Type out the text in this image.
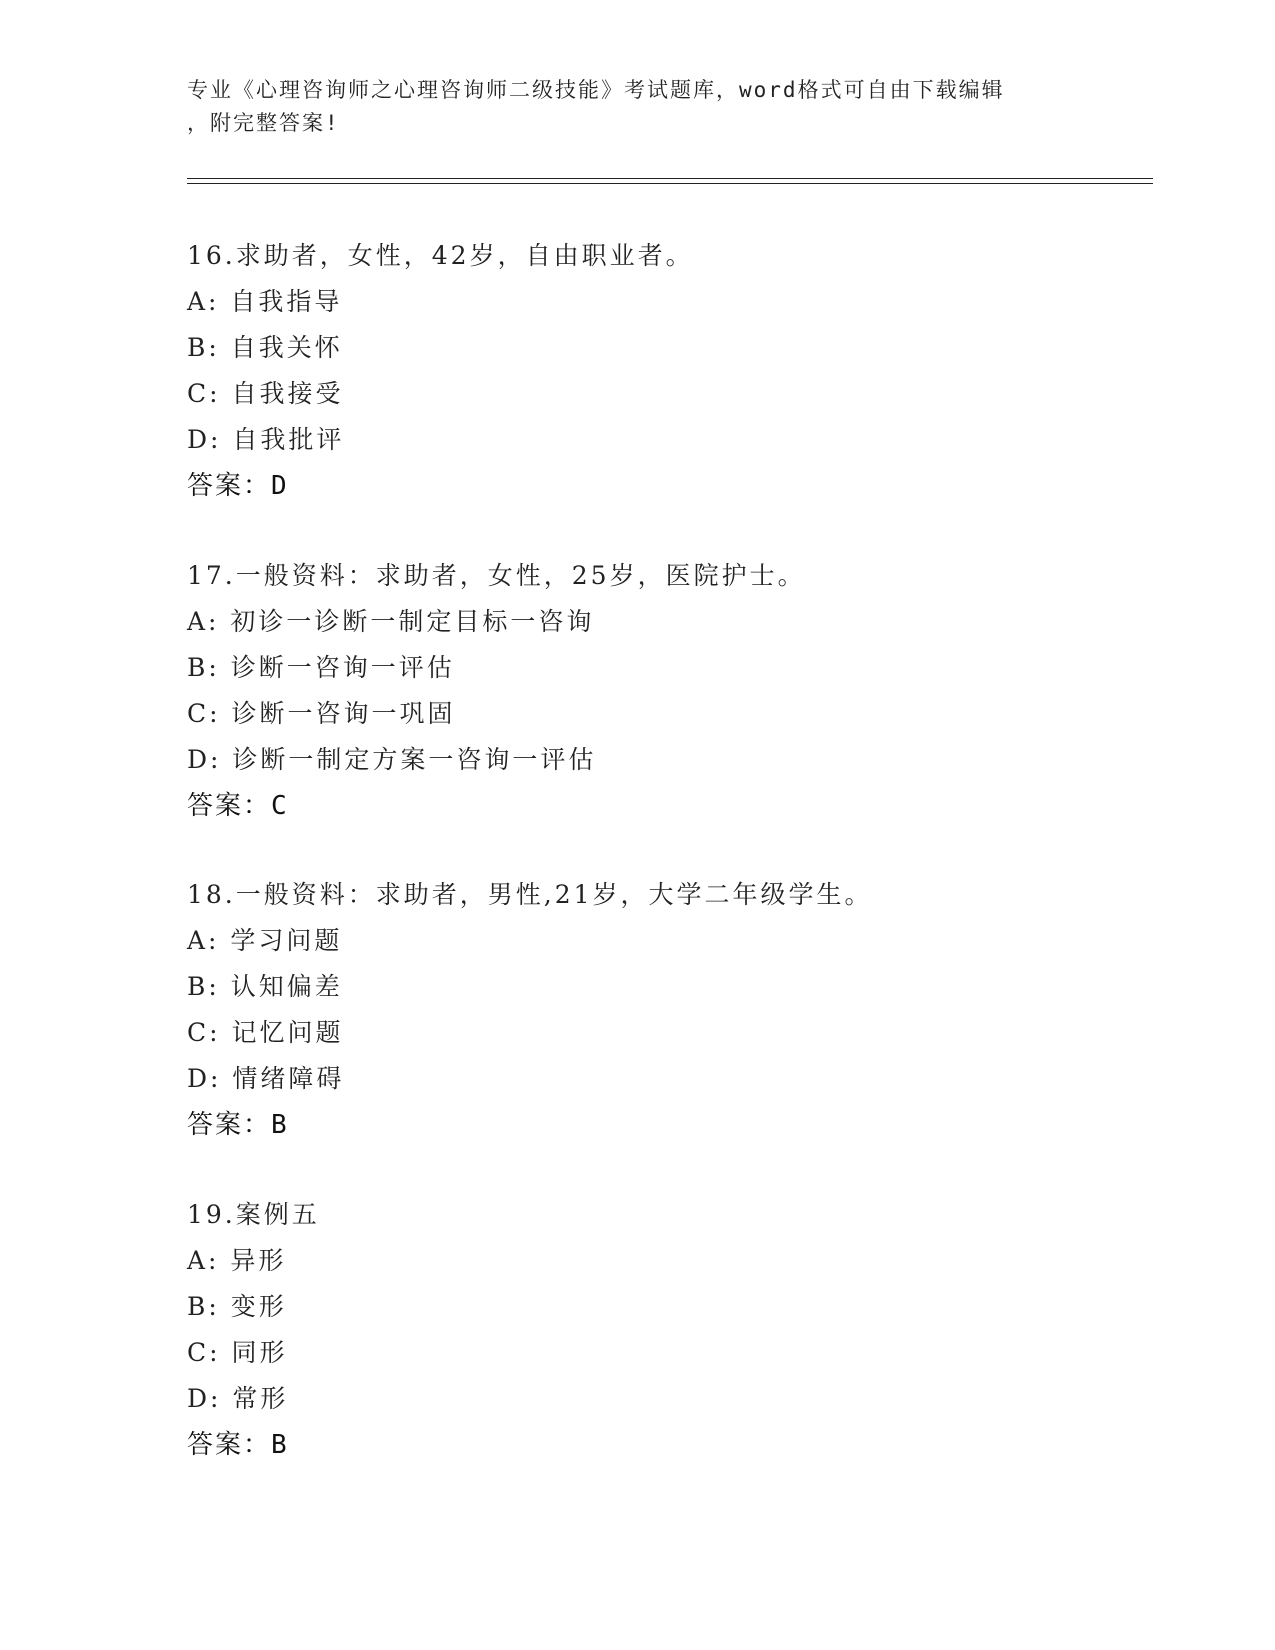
专业《心理咨询师之心理咨询师二级技能》考试题库，word格式可自由下载编辑
，附完整答案!
16.求助者，女性，42岁，自由职业者。
A: 自我指导
B: 自我关怀
C: 自我接受
D: 自我批评
答案：D
17.一般资料：求助者，女性，25岁，医院护士。
A: 初诊一诊断一制定目标一咨询
B: 诊断一咨询一评估
C: 诊断一咨询一巩固
D: 诊断一制定方案一咨询一评估
答案：C
18.一般资料：求助者，男性,21岁，大学二年级学生。
A: 学习问题
B: 认知偏差
C: 记忆问题
D: 情绪障碍
答案：B
19.案例五
A: 异形
B: 变形
C: 同形
D: 常形
答案：B
